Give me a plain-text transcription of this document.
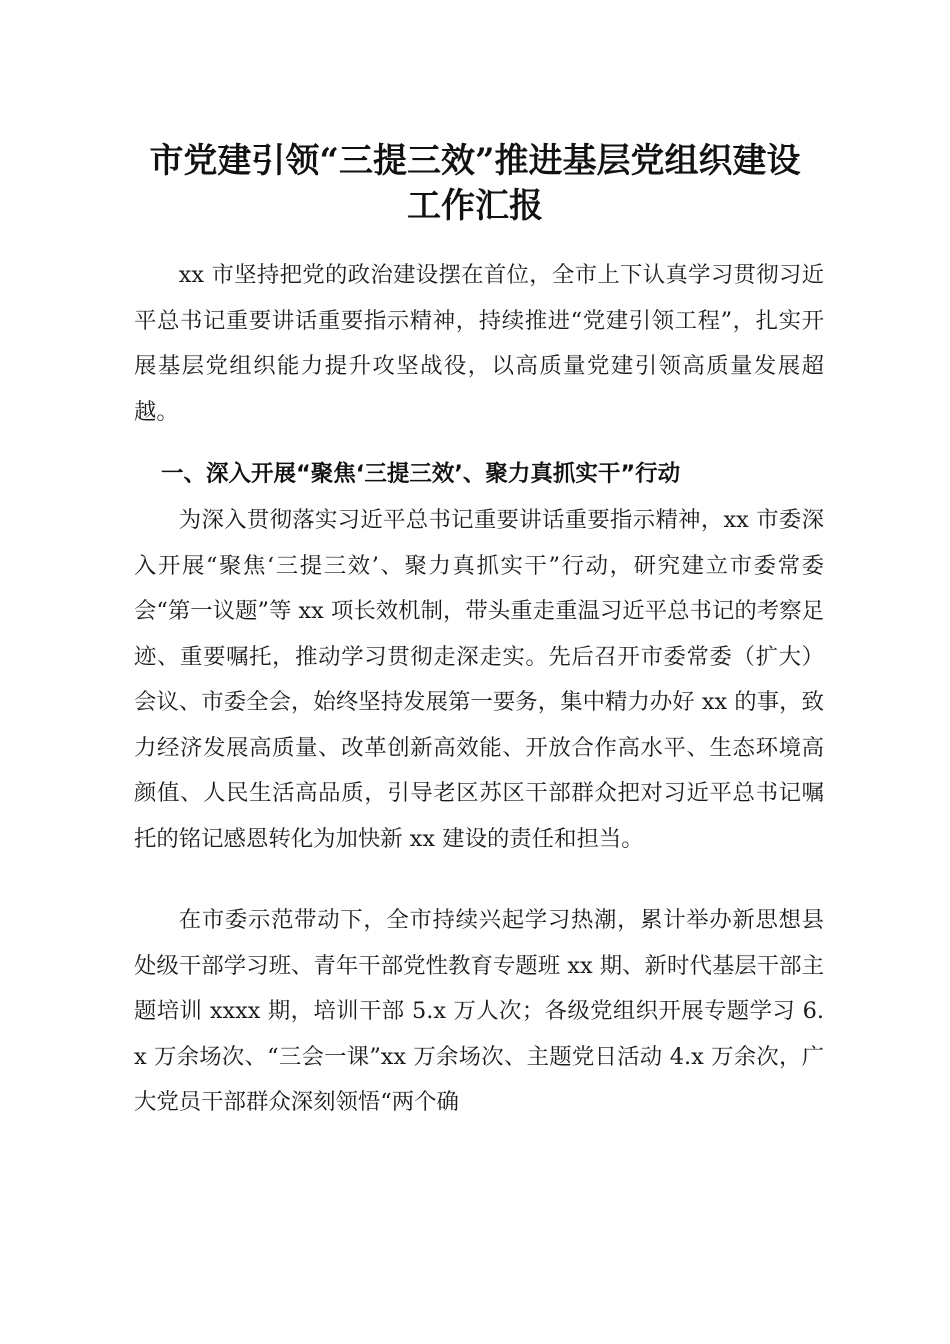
市党建引领“三提三效”推进基层党组织建设
工作汇报

xx 市坚持把党的政治建设摆在首位，全市上下认真学习贯彻习近平总书记重要讲话重要指示精神，持续推进“党建引领工程”，扎实开展基层党组织能力提升攻坚战役，以高质量党建引领高质量发展超越。

一、深入开展“聚焦‘三提三效’、聚力真抓实干”行动

为深入贯彻落实习近平总书记重要讲话重要指示精神，xx 市委深入开展“聚焦‘三提三效’、聚力真抓实干”行动，研究建立市委常委会“第一议题”等 xx 项长效机制，带头重走重温习近平总书记的考察足迹、重要嘱托，推动学习贯彻走深走实。先后召开市委常委（扩大）会议、市委全会，始终坚持发展第一要务，集中精力办好 xx 的事，致力经济发展高质量、改革创新高效能、开放合作高水平、生态环境高颜值、人民生活高品质，引导老区苏区干部群众把对习近平总书记嘱托的铭记感恩转化为加快新 xx 建设的责任和担当。

在市委示范带动下，全市持续兴起学习热潮，累计举办新思想县处级干部学习班、青年干部党性教育专题班 xx 期、新时代基层干部主题培训 xxxx 期，培训干部 5.x 万人次；各级党组织开展专题学习 6.x 万余场次、“三会一课”xx 万余场次、主题党日活动 4.x 万余次，广大党员干部群众深刻领悟“两个确
